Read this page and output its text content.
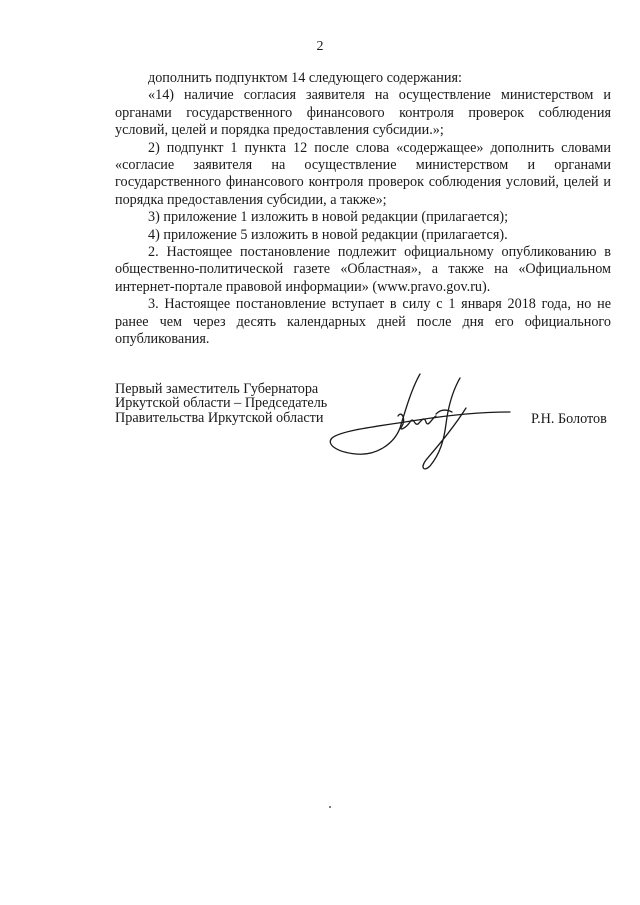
2

дополнить подпунктом 14 следующего содержания:

«14) наличие согласия заявителя на осуществление министерством и органами государственного финансового контроля проверок соблюдения условий, целей и порядка предоставления субсидии.»;

2) подпункт 1 пункта 12 после слова «содержащее» дополнить словами «согласие заявителя на осуществление министерством и органами государственного финансового контроля проверок соблюдения условий, целей и порядка предоставления субсидии, а также»;

3) приложение 1 изложить в новой редакции (прилагается);

4) приложение 5 изложить в новой редакции (прилагается).

2. Настоящее постановление подлежит официальному опубликованию в общественно-политической газете «Областная», а также на «Официальном интернет-портале правовой информации» (www.pravo.gov.ru).

3. Настоящее постановление вступает в силу с 1 января 2018 года, но не ранее чем через десять календарных дней после дня его официального опубликования.

Первый заместитель Губернатора
Иркутской области – Председатель
Правительства Иркутской области	Р.Н. Болотов
